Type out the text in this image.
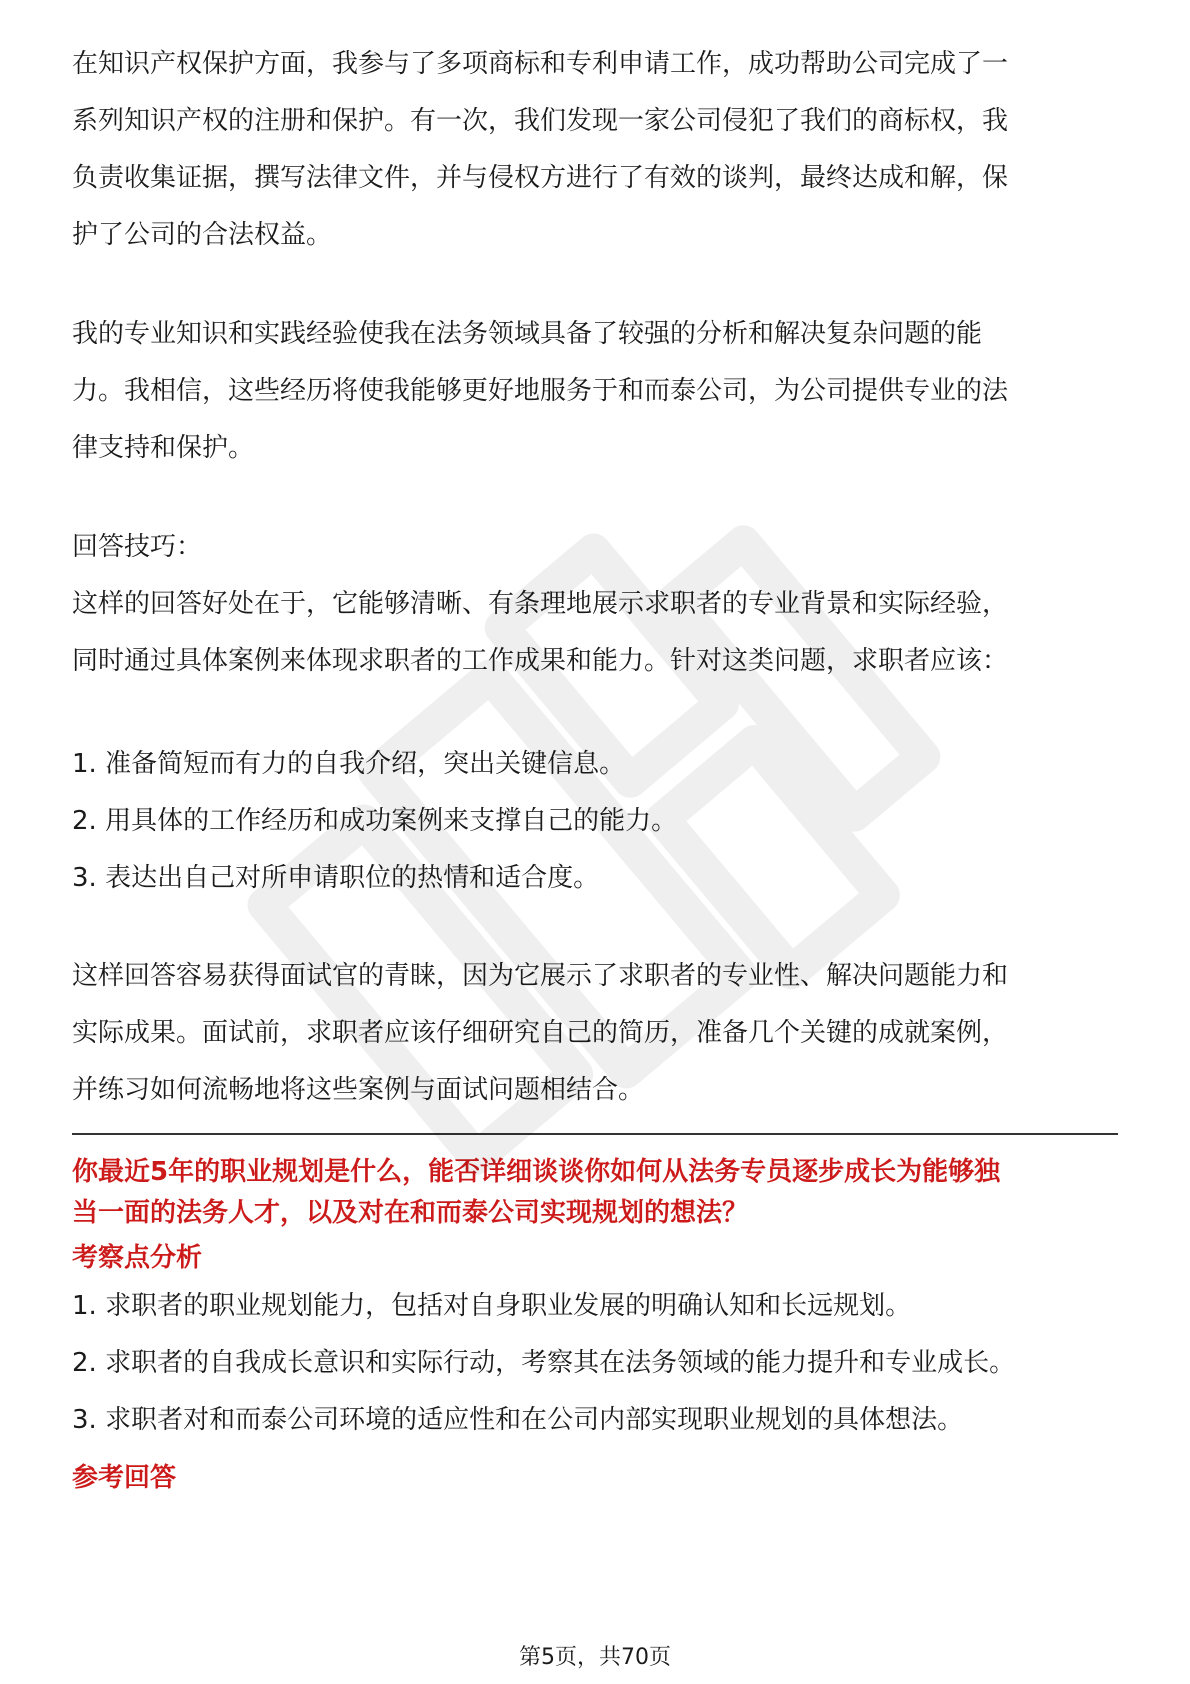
在知识产权保护方面，我参与了多项商标和专利申请工作，成功帮助公司完成了一
系列知识产权的注册和保护。有一次，我们发现一家公司侵犯了我们的商标权，我
负责收集证据，撰写法律文件，并与侵权方进行了有效的谈判，最终达成和解，保
护了公司的合法权益。

我的专业知识和实践经验使我在法务领域具备了较强的分析和解决复杂问题的能
力。我相信，这些经历将使我能够更好地服务于和而泰公司，为公司提供专业的法
律支持和保护。

回答技巧：
这样的回答好处在于，它能够清晰、有条理地展示求职者的专业背景和实际经验，
同时通过具体案例来体现求职者的工作成果和能力。针对这类问题，求职者应该：

1. 准备简短而有力的自我介绍，突出关键信息。
2. 用具体的工作经历和成功案例来支撑自己的能力。
3. 表达出自己对所申请职位的热情和适合度。

这样回答容易获得面试官的青睐，因为它展示了求职者的专业性、解决问题能力和
实际成果。面试前，求职者应该仔细研究自己的简历，准备几个关键的成就案例，
并练习如何流畅地将这些案例与面试问题相结合。

你最近5年的职业规划是什么，能否详细谈谈你如何从法务专员逐步成长为能够独
当一面的法务人才，以及对在和而泰公司实现规划的想法？

考察点分析

1. 求职者的职业规划能力，包括对自身职业发展的明确认知和长远规划。
2. 求职者的自我成长意识和实际行动，考察其在法务领域的能力提升和专业成长。
3. 求职者对和而泰公司环境的适应性和在公司内部实现职业规划的具体想法。

参考回答

第5页，共70页
